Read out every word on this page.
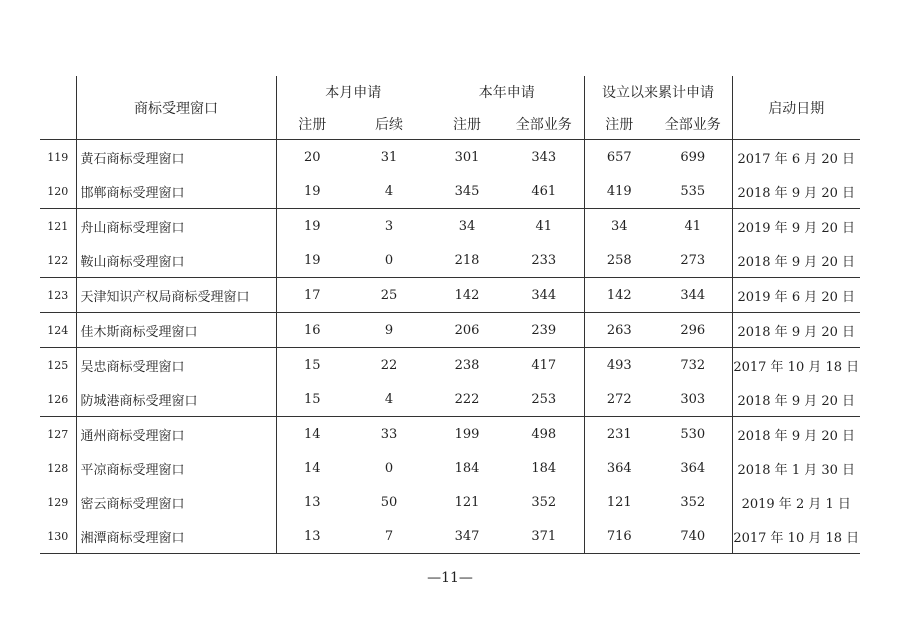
	商标受理窗口	本月申请		本年申请		设立以来累计申请		启动日期
		注册	后续	注册	全部业务	注册	全部业务	
119	黄石商标受理窗口	20	31	301	343	657	699	2017 年 6 月 20 日
120	邯郸商标受理窗口	19	4	345	461	419	535	2018 年 9 月 20 日
121	舟山商标受理窗口	19	3	34	41	34	41	2019 年 9 月 20 日
122	鞍山商标受理窗口	19	0	218	233	258	273	2018 年 9 月 20 日
123	天津知识产权局商标受理窗口	17	25	142	344	142	344	2019 年 6 月 20 日
124	佳木斯商标受理窗口	16	9	206	239	263	296	2018 年 9 月 20 日
125	吴忠商标受理窗口	15	22	238	417	493	732	2017 年 10 月 18 日
126	防城港商标受理窗口	15	4	222	253	272	303	2018 年 9 月 20 日
127	通州商标受理窗口	14	33	199	498	231	530	2018 年 9 月 20 日
128	平凉商标受理窗口	14	0	184	184	364	364	2018 年 1 月 30 日
129	密云商标受理窗口	13	50	121	352	121	352	2019 年 2 月 1 日
130	湘潭商标受理窗口	13	7	347	371	716	740	2017 年 10 月 18 日
—11—
